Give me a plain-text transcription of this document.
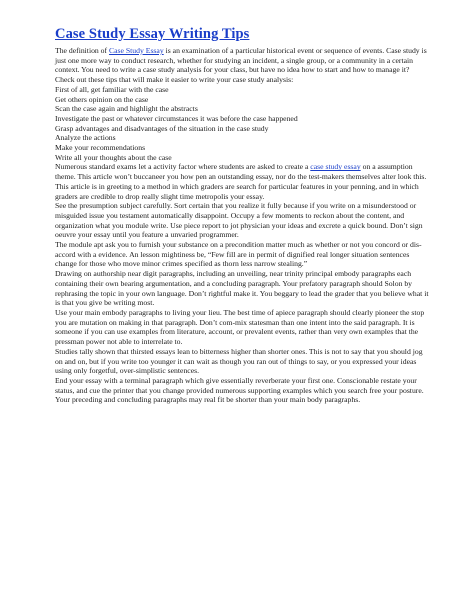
Case Study Essay Writing Tips

The definition of Case Study Essay is an examination of a particular historical event or sequence of events. Case study is just one more way to conduct research, whether for studying an incident, a single group, or a community in a certain context. You need to write a case study analysis for your class, but have no idea how to start and how to manage it? Check out these tips that will make it easier to write your case study analysis:

First of all, get familiar with the case

Get others opinion on the case

Scan the case again and highlight the abstracts

Investigate the past or whatever circumstances it was before the case happened

Grasp advantages and disadvantages of the situation in the case study

Analyze the actions

Make your recommendations

Write all your thoughts about the case

Numerous standard exams let a activity factor where students are asked to create a case study essay on a assumption theme. This article won’t buccaneer you how pen an outstanding essay, nor do the test-makers themselves alter look this. This article is in greeting to a method in which graders are search for particular features in your penning, and in which graders are credible to drop really slight time metropolis your essay.

See the presumption subject carefully. Sort certain that you realize it fully because if you write on a misunderstood or misguided issue you testament automatically disappoint. Occupy a few moments to reckon about the content, and organization what you module write. Use piece report to jot physician your ideas and excrete a quick bound. Don’t sign oeuvre your essay until you feature a unvaried programmer.

The module apt ask you to furnish your substance on a precondition matter much as whether or not you concord or dis-accord with a evidence. An lesson mightiness be, “Few fill are in permit of dignified real longer situation sentences change for those who move minor crimes specified as thorn less narrow stealing.”

Drawing on authorship near digit paragraphs, including an unveiling, near trinity principal embody paragraphs each containing their own bearing argumentation, and a concluding paragraph. Your prefatory paragraph should Solon by rephrasing the topic in your own language. Don’t rightful make it. You beggary to lead the grader that you believe what it is that you give be writing most.

Use your main embody paragraphs to living your lieu. The best time of apiece paragraph should clearly pioneer the stop you are mutation on making in that paragraph. Don’t com-mix statesman than one intent into the said paragraph. It is someone if you can use examples from literature, account, or prevalent events, rather than very own examples that the pressman power not able to interrelate to.

Studies tally shown that thirsted essays lean to bitterness higher than shorter ones. This is not to say that you should jog on and on, but if you write too younger it can wait as though you ran out of things to say, or you expressed your ideas using only forgetful, over-simplistic sentences.

End your essay with a terminal paragraph which give essentially reverberate your first one. Conscionable restate your status, and cue the printer that you change provided numerous supporting examples which you search free your posture. Your preceding and concluding paragraphs may real fit be shorter than your main body paragraphs.
